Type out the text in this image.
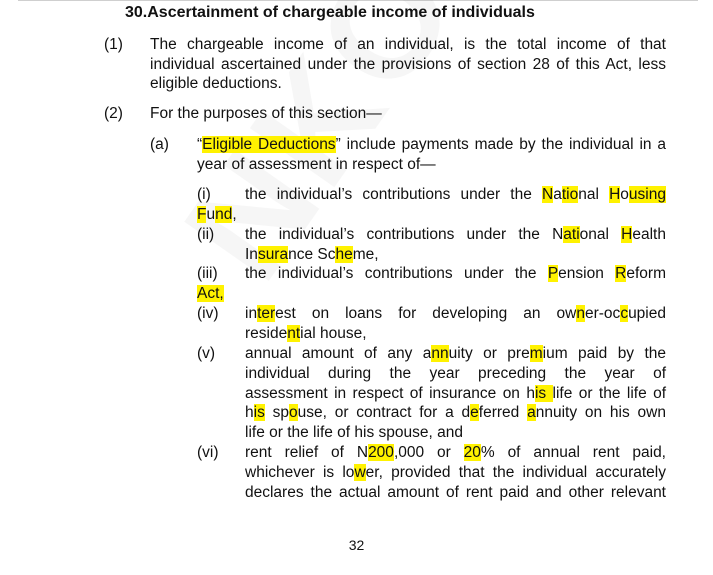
30.Ascertainment of chargeable income of individuals
(1) The chargeable income of an individual, is the total income of that
individual ascertained under the provisions of section 28 of this Act, less
eligible deductions.
(2) For the purposes of this section—
(a) “Eligible Deductions” include payments made by the individual in a
year of assessment in respect of—
(i) the individual’s contributions under the National Housing
Fund,
(ii) the individual’s contributions under the National Health
Insurance Scheme,
(iii) the individual’s contributions under the Pension Reform
Act,
(iv) interest on loans for developing an owner-occupied
residential house,
(v) annual amount of any annuity or premium paid by the
individual during the year preceding the year of
assessment in respect of insurance on his life or the life of
his spouse, or contract for a deferred annuity on his own
life or the life of his spouse, and
(vi) rent relief of N200,000 or 20% of annual rent paid,
whichever is lower, provided that the individual accurately
declares the actual amount of rent paid and other relevant
32
